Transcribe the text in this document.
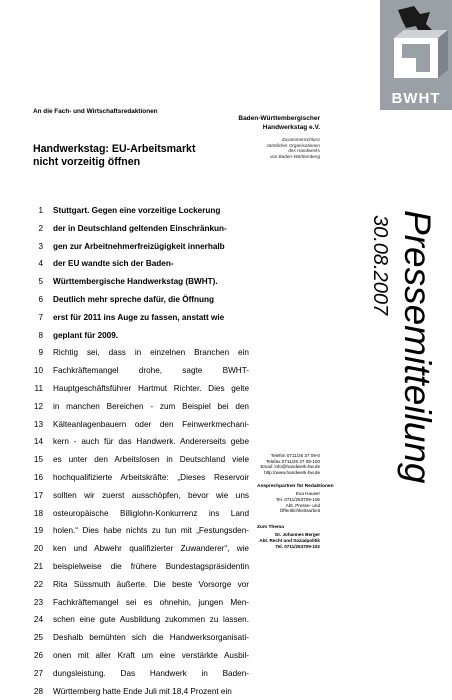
An die Fach- und Wirtschaftsredaktionen
Handwerkstag: EU-Arbeitsmarkt
nicht vorzeitig öffnen
BWHT
Baden-Württembergischer
Handwerkstag e.V.
Zusammenschluss
sämtlicher Organisationen
des Handwerks
von Baden-Württemberg
1 Stuttgart. Gegen eine vorzeitige Lockerung
2 der in Deutschland geltenden Einschränkun-
3 gen zur Arbeitnehmerfreizügigkeit innerhalb
4 der EU wandte sich der Baden-
5 Württembergische Handwerkstag (BWHT).
6 Deutlich mehr spreche dafür, die Öffnung
7 erst für 2011 ins Auge zu fassen, anstatt wie
8 geplant für 2009.
9 Richtig sei, dass in einzelnen Branchen ein
10 Fachkräftemangel drohe, sagte BWHT-
11 Hauptgeschäftsführer Hartmut Richter. Dies gelte
12 in manchen Bereichen - zum Beispiel bei den
13 Kälteanlagenbauern oder den Feinwerkmechani-
14 kern - auch für das Handwerk. Andererseits gebe
15 es unter den Arbeitslosen in Deutschland viele
16 hochqualifizierte Arbeitskräfte: „Dieses Reservoir
17 sollten wir zuerst ausschöpfen, bevor wie uns
18 osteuropäische Billiglohn-Konkurrenz ins Land
19 holen.“ Dies habe nichts zu tun mit „Festungsden-
20 ken und Abwehr qualifizierter Zuwanderer“, wie
21 beispielweise die frühere Bundestagspräsidentin
22 Rita Süssmuth äußerte. Die beste Vorsorge vor
23 Fachkräftemangel sei es ohnehin, jungen Men-
24 schen eine gute Ausbildung zukommen zu lassen.
25 Deshalb bemühten sich die Handwerksorganisati-
26 onen mit aller Kraft um eine verstärkte Ausbil-
27 dungsleistung. Das Handwerk in Baden-
28 Württemberg hatte Ende Juli mit 18,4 Prozent ein
Pressemitteilung
30.08.2007
Telefon 0711/26 37 09-0
Telefax 0711/26 37 09-100
Email: info@handwerk-bw.de
http://www.handwerk-bw.de
Ansprechpartner für Redaktionen
Eva Hauser
Tel. 0711/263709-105
Abt. Presse- und
Öffentlichkeitsarbeit
Zum Thema
Dr. Johannes Berger
Abt. Recht und Sozialpolitik
Tel. 0711/263709-102
